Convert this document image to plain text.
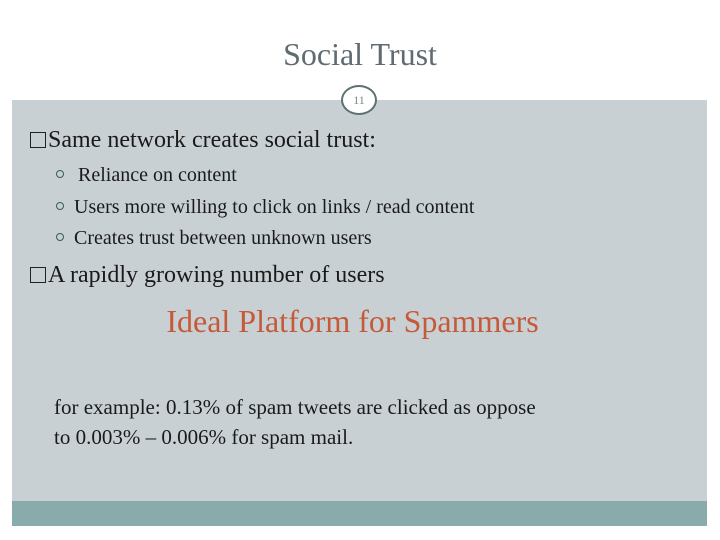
Social Trust
11
Same network creates social trust:
Reliance on content
Users more willing to click on links / read content
Creates trust between unknown users
A rapidly growing number of users
Ideal Platform for Spammers
for example: 0.13% of spam tweets are clicked as oppose
to 0.003% – 0.006% for spam mail.
